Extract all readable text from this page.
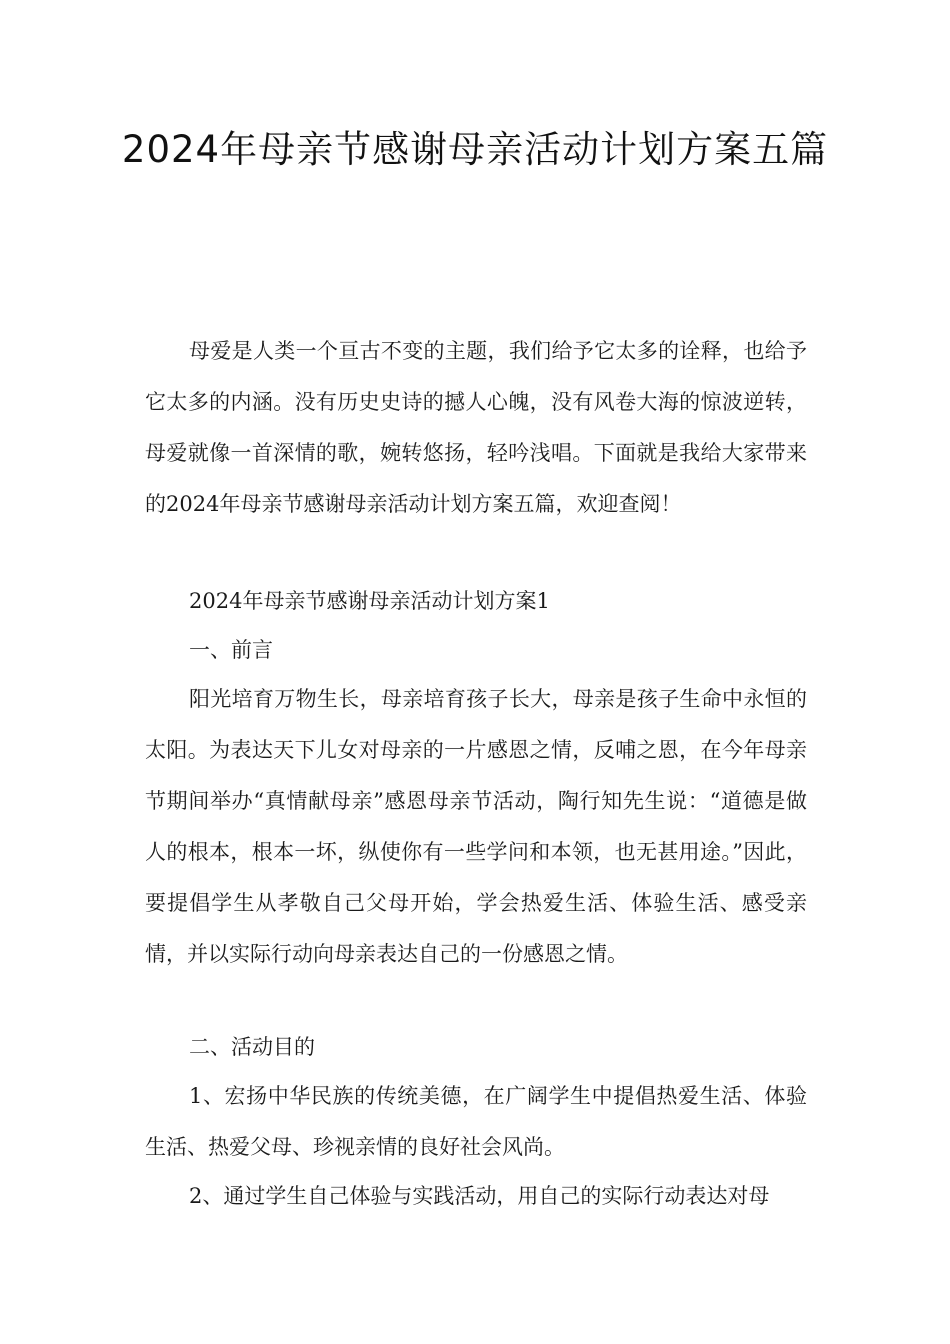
2024年母亲节感谢母亲活动计划方案五篇

母爱是人类一个亘古不变的主题，我们给予它太多的诠释，也给予它太多的内涵。没有历史史诗的撼人心魄，没有风卷大海的惊波逆转，母爱就像一首深情的歌，婉转悠扬，轻吟浅唱。下面就是我给大家带来的2024年母亲节感谢母亲活动计划方案五篇，欢迎查阅！

2024年母亲节感谢母亲活动计划方案1

一、前言

阳光培育万物生长，母亲培育孩子长大，母亲是孩子生命中永恒的太阳。为表达天下儿女对母亲的一片感恩之情，反哺之恩，在今年母亲节期间举办“真情献母亲”感恩母亲节活动，陶行知先生说：“道德是做人的根本，根本一坏，纵使你有一些学问和本领，也无甚用途。”因此，要提倡学生从孝敬自己父母开始，学会热爱生活、体验生活、感受亲情，并以实际行动向母亲表达自己的一份感恩之情。

二、活动目的

1、宏扬中华民族的传统美德，在广阔学生中提倡热爱生活、体验生活、热爱父母、珍视亲情的良好社会风尚。

2、通过学生自己体验与实践活动，用自己的实际行动表达对母
